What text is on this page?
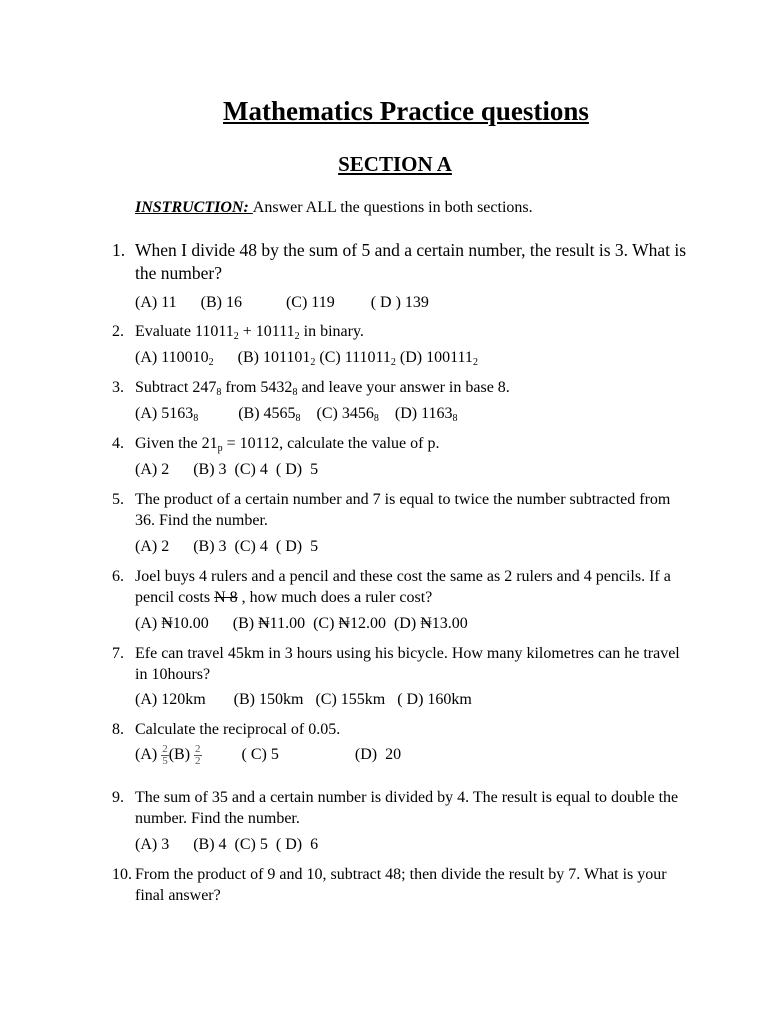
Mathematics Practice questions
SECTION A
INSTRUCTION: Answer ALL the questions in both sections.
1. When I divide 48 by the sum of 5 and a certain number, the result is 3. What is the number?
(A) 11 (B) 16	(C) 119 ( D ) 139
2. Evaluate $11011_2 + 10111_2$ in binary.
(A) $110010_2$ (B) $101101_2$ (C) $111011_2$ (D) $100111_2$
3. Subtract $247_8$ from $5432_8$ and leave your answer in base 8.
(A) $5163_8$	(B) $4565_8$ (C) $3456_8$ (D) $1163_8$
4. Given the $21_p = 10112$, calculate the value of p.
(A) 2 (B) 3 (C) 4 ( D)  5
5. The product of a certain number and 7 is equal to twice the number subtracted from 36. Find the number.
(A) 2 (B) 3 (C) 4 ( D)  5
6. Joel buys 4 rulers and a pencil and these cost the same as 2 rulers and 4 pencils. If a pencil costs N 8 , how much does a ruler cost?
(A) ₦10.00 (B) ₦11.00 (C) ₦12.00 (D) ₦13.00
7. Efe can travel 45km in 3 hours using his bicycle. How many kilometres can he travel in 10hours?
(A) 120km (B) 150km (C) 155km ( D) 160km
8. Calculate the reciprocal of 0.05.
$(A) \frac{2}{5} (B) \frac{2}{2}$	( C) 5	(D)  20
9. The sum of 35 and a certain number is divided by 4. The result is equal to double the number. Find the number.
(A) 3 (B) 4 (C) 5 ( D)  6
10. From the product of 9 and 10, subtract 48; then divide the result by 7. What is your final answer?
